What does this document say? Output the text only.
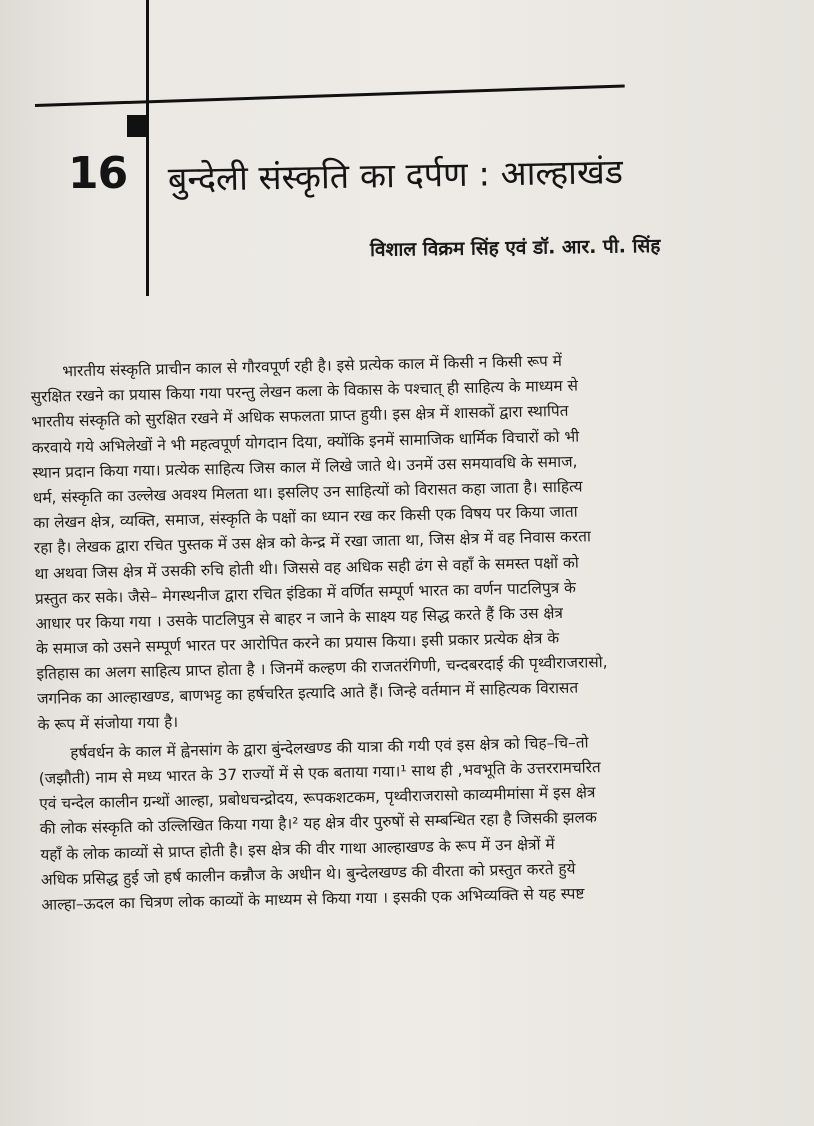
16 बुन्देली संस्कृति का दर्पण : आल्हाखंड
विशाल विक्रम सिंह एवं डॉ. आर. पी. सिंह
भारतीय संस्कृति प्राचीन काल से गौरवपूर्ण रही है। इसे प्रत्येक काल में किसी न किसी रूप में
सुरक्षित रखने का प्रयास किया गया परन्तु लेखन कला के विकास के पश्चात् ही साहित्य के माध्यम से
भारतीय संस्कृति को सुरक्षित रखने में अधिक सफलता प्राप्त हुयी। इस क्षेत्र में शासकों द्वारा स्थापित
करवाये गये अभिलेखों ने भी महत्वपूर्ण योगदान दिया, क्योंकि इनमें सामाजिक धार्मिक विचारों को भी
स्थान प्रदान किया गया। प्रत्येक साहित्य जिस काल में लिखे जाते थे। उनमें उस समयावधि के समाज,
धर्म, संस्कृति का उल्लेख अवश्य मिलता था। इसलिए उन साहित्यों को विरासत कहा जाता है। साहित्य
का लेखन क्षेत्र, व्यक्ति, समाज, संस्कृति के पक्षों का ध्यान रख कर किसी एक विषय पर किया जाता
रहा है। लेखक द्वारा रचित पुस्तक में उस क्षेत्र को केन्द्र में रखा जाता था, जिस क्षेत्र में वह निवास करता
था अथवा जिस क्षेत्र में उसकी रुचि होती थी। जिससे वह अधिक सही ढंग से वहाँ के समस्त पक्षों को
प्रस्तुत कर सके। जैसे– मेगस्थनीज द्वारा रचित इंडिका में वर्णित सम्पूर्ण भारत का वर्णन पाटलिपुत्र के
आधार पर किया गया । उसके पाटलिपुत्र से बाहर न जाने के साक्ष्य यह सिद्ध करते हैं कि उस क्षेत्र
के समाज को उसने सम्पूर्ण भारत पर आरोपित करने का प्रयास किया। इसी प्रकार प्रत्येक क्षेत्र के
इतिहास का अलग साहित्य प्राप्त होता है । जिनमें कल्हण की राजतरंगिणी, चन्दबरदाई की पृथ्वीराजरासो,
जगनिक का आल्हाखण्ड, बाणभट्ट का हर्षचरित इत्यादि आते हैं। जिन्हे वर्तमान में साहित्यक विरासत
के रूप में संजोया गया है।
हर्षवर्धन के काल में ह्वेनसांग के द्वारा बुंन्देलखण्ड की यात्रा की गयी एवं इस क्षेत्र को चिह–चि–तो
(जझौती) नाम से मध्य भारत के 37 राज्यों में से एक बताया गया।¹ साथ ही ,भवभूति के उत्तररामचरित
एवं चन्देल कालीन ग्रन्थों आल्हा, प्रबोधचन्द्रोदय, रूपकशटकम, पृथ्वीराजरासो काव्यमीमांसा में इस क्षेत्र
की लोक संस्कृति को उल्लिखित किया गया है।² यह क्षेत्र वीर पुरुषों से सम्बन्धित रहा है जिसकी झलक
यहाँ के लोक काव्यों से प्राप्त होती है। इस क्षेत्र की वीर गाथा आल्हाखण्ड के रूप में उन क्षेत्रों में
अधिक प्रसिद्ध हुई जो हर्ष कालीन कन्नौज के अधीन थे। बुन्देलखण्ड की वीरता को प्रस्तुत करते हुये
आल्हा–ऊदल का चित्रण लोक काव्यों के माध्यम से किया गया । इसकी एक अभिव्यक्ति से यह स्पष्ट
